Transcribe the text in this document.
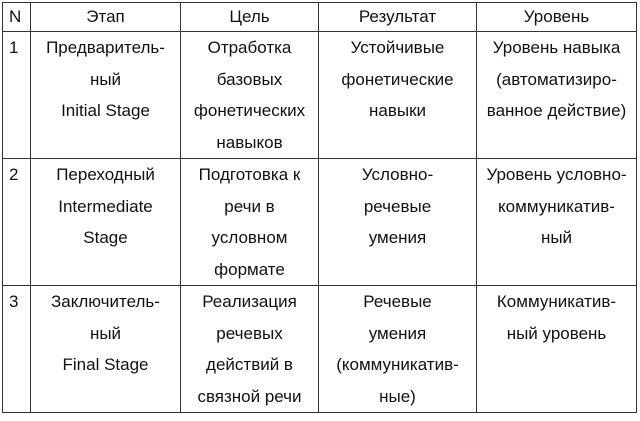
N	Этап	Цель	Результат	Уровень
1	Предваритель-
ный
Initial Stage	Отработка
базовых
фонетических
навыков	Устойчивые
фонетические
навыки	Уровень навыка
(автоматизиро-
ванное действие)

2	Переходный
Intermediate
Stage	Подготовка к
речи в
условном
формате	Условно-
речевые
умения	Уровень условно-
коммуникатив-
ный

3	Заключитель-
ный
Final Stage	Реализация
речевых
действий в
связной речи	Речевые
умения
(коммуникатив-
ные)	Коммуникатив-
ный уровень
